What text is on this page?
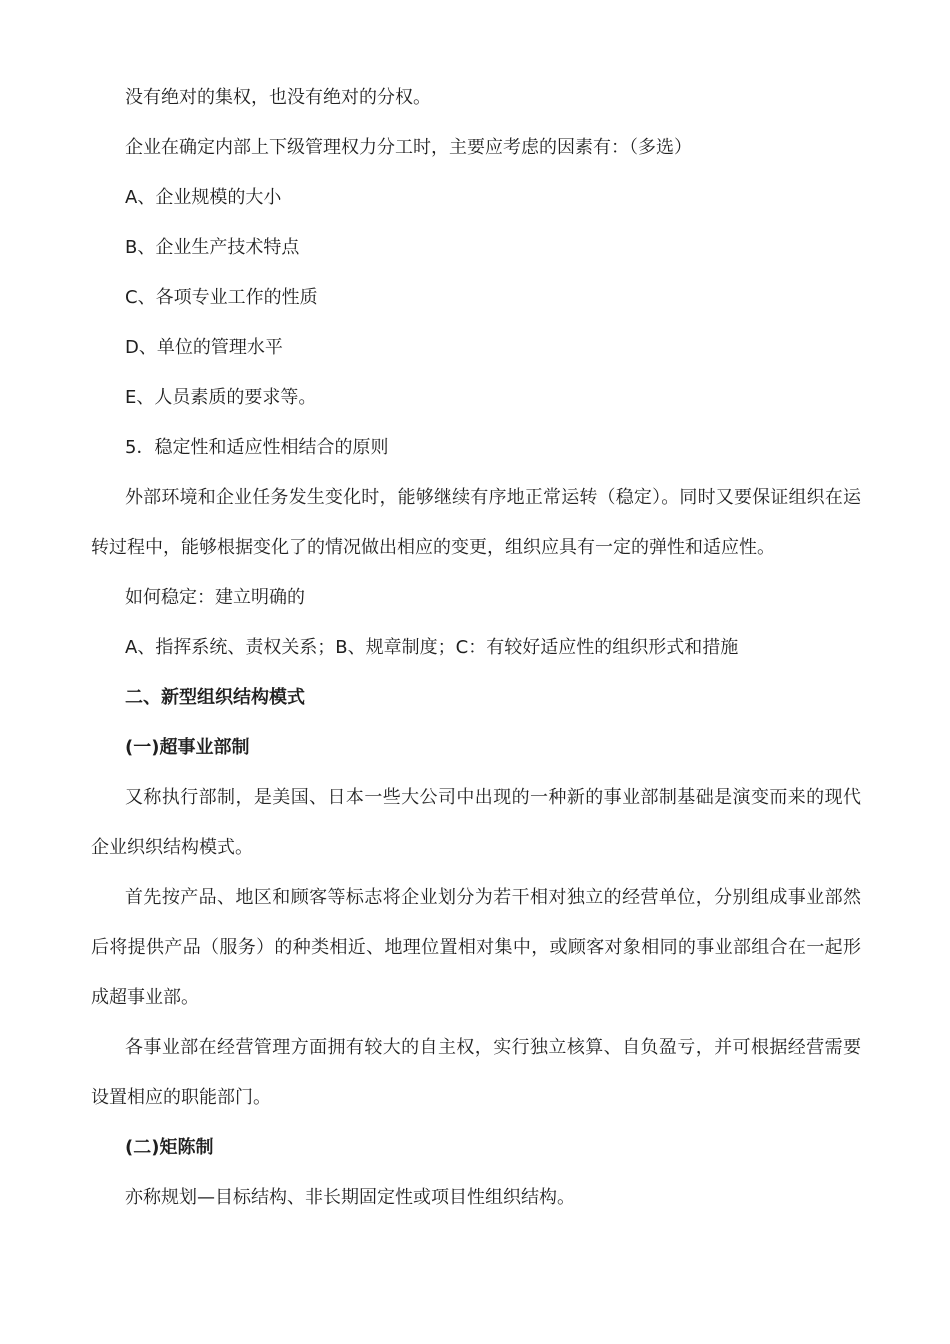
没有绝对的集权，也没有绝对的分权。

企业在确定内部上下级管理权力分工时，主要应考虑的因素有：（多选）

A、企业规模的大小

B、企业生产技术特点

C、各项专业工作的性质

D、单位的管理水平

E、人员素质的要求等。

5．稳定性和适应性相结合的原则

外部环境和企业任务发生变化时，能够继续有序地正常运转（稳定）。同时又要保证组织在运转过程中，能够根据变化了的情况做出相应的变更，组织应具有一定的弹性和适应性。

如何稳定：建立明确的

A、指挥系统、责权关系；B、规章制度；C：有较好适应性的组织形式和措施

二、新型组织结构模式

(一)超事业部制

又称执行部制，是美国、日本一些大公司中出现的一种新的事业部制基础是演变而来的现代企业织织结构模式。

首先按产品、地区和顾客等标志将企业划分为若干相对独立的经营单位，分别组成事业部然后将提供产品（服务）的种类相近、地理位置相对集中，或顾客对象相同的事业部组合在一起形成超事业部。

各事业部在经营管理方面拥有较大的自主权，实行独立核算、自负盈亏，并可根据经营需要设置相应的职能部门。

(二)矩陈制

亦称规划—目标结构、非长期固定性或项目性组织结构。
